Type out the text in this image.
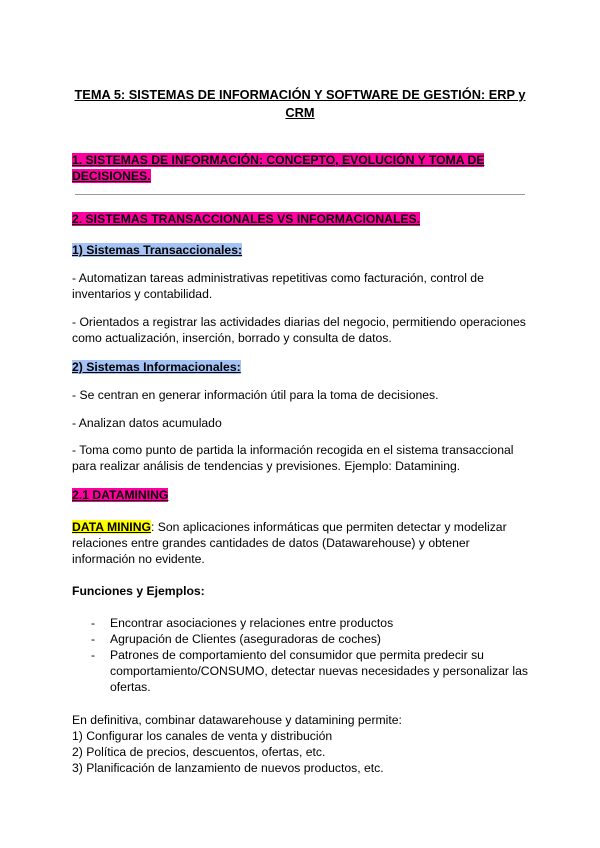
TEMA 5: SISTEMAS DE INFORMACIÓN Y SOFTWARE DE GESTIÓN: ERP y CRM
1. SISTEMAS DE INFORMACIÓN: CONCEPTO, EVOLUCIÓN Y TOMA DE DECISIONES.
2. SISTEMAS TRANSACCIONALES VS INFORMACIONALES.
1) Sistemas Transaccionales:
- Automatizan tareas administrativas repetitivas como facturación, control de inventarios y contabilidad.
- Orientados a registrar las actividades diarias del negocio, permitiendo operaciones como actualización, inserción, borrado y consulta de datos.
2) Sistemas Informacionales:
- Se centran en generar información útil para la toma de decisiones.
- Analizan datos acumulado
- Toma como punto de partida la información recogida en el sistema transaccional para realizar análisis de tendencias y previsiones. Ejemplo: Datamining.
2.1 DATAMINING
DATA MINING: Son aplicaciones informáticas que permiten detectar y modelizar relaciones entre grandes cantidades de datos (Datawarehouse) y obtener información no evidente.
Funciones y Ejemplos:
- Encontrar asociaciones y relaciones entre productos
- Agrupación de Clientes (aseguradoras de coches)
- Patrones de comportamiento del consumidor que permita predecir su comportamiento/CONSUMO, detectar nuevas necesidades y personalizar las ofertas.
En definitiva, combinar datawarehouse y datamining permite:
1) Configurar los canales de venta y distribución
2) Política de precios, descuentos, ofertas, etc.
3) Planificación de lanzamiento de nuevos productos, etc.
